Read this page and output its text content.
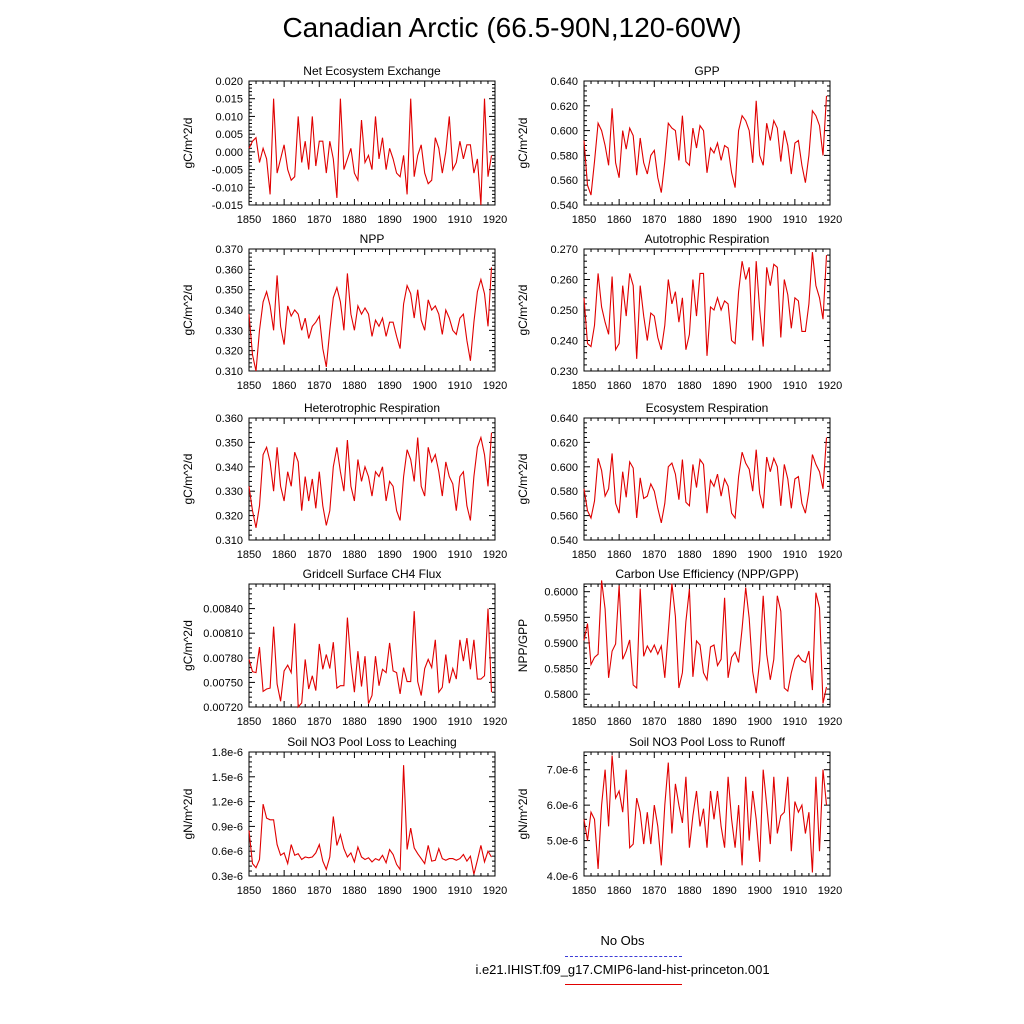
Canadian Arctic (66.5-90N,120-60W)
Net Ecosystem Exchange
gC/m^2/d
1850 1860 1870 1880 1890 1900 1910 1920
-0.015
-0.010
-0.005
0.000
0.005
0.010
0.015
0.020
GPP
gC/m^2/d
1850 1860 1870 1880 1890 1900 1910 1920
0.540
0.560
0.580
0.600
0.620
0.640
NPP
gC/m^2/d
1850 1860 1870 1880 1890 1900 1910 1920
0.310
0.320
0.330
0.340
0.350
0.360
0.370
Autotrophic Respiration
gC/m^2/d
1850 1860 1870 1880 1890 1900 1910 1920
0.230
0.240
0.250
0.260
0.270
Heterotrophic Respiration
gC/m^2/d
1850 1860 1870 1880 1890 1900 1910 1920
0.310
0.320
0.330
0.340
0.350
0.360
Ecosystem Respiration
gC/m^2/d
1850 1860 1870 1880 1890 1900 1910 1920
0.540
0.560
0.580
0.600
0.620
0.640
Gridcell Surface CH4 Flux
gC/m^2/d
1850 1860 1870 1880 1890 1900 1910 1920
0.00720
0.00750
0.00780
0.00810
0.00840
Carbon Use Efficiency (NPP/GPP)
NPP/GPP
1850 1860 1870 1880 1890 1900 1910 1920
0.5800
0.5850
0.5900
0.5950
0.6000
Soil NO3 Pool Loss to Leaching
gN/m^2/d
1850 1860 1870 1880 1890 1900 1910 1920
0.3e-6
0.6e-6
0.9e-6
1.2e-6
1.5e-6
1.8e-6
Soil NO3 Pool Loss to Runoff
gN/m^2/d
1850 1860 1870 1880 1890 1900 1910 1920
4.0e-6
5.0e-6
6.0e-6
7.0e-6
No Obs
i.e21.IHIST.f09_g17.CMIP6-land-hist-princeton.001
